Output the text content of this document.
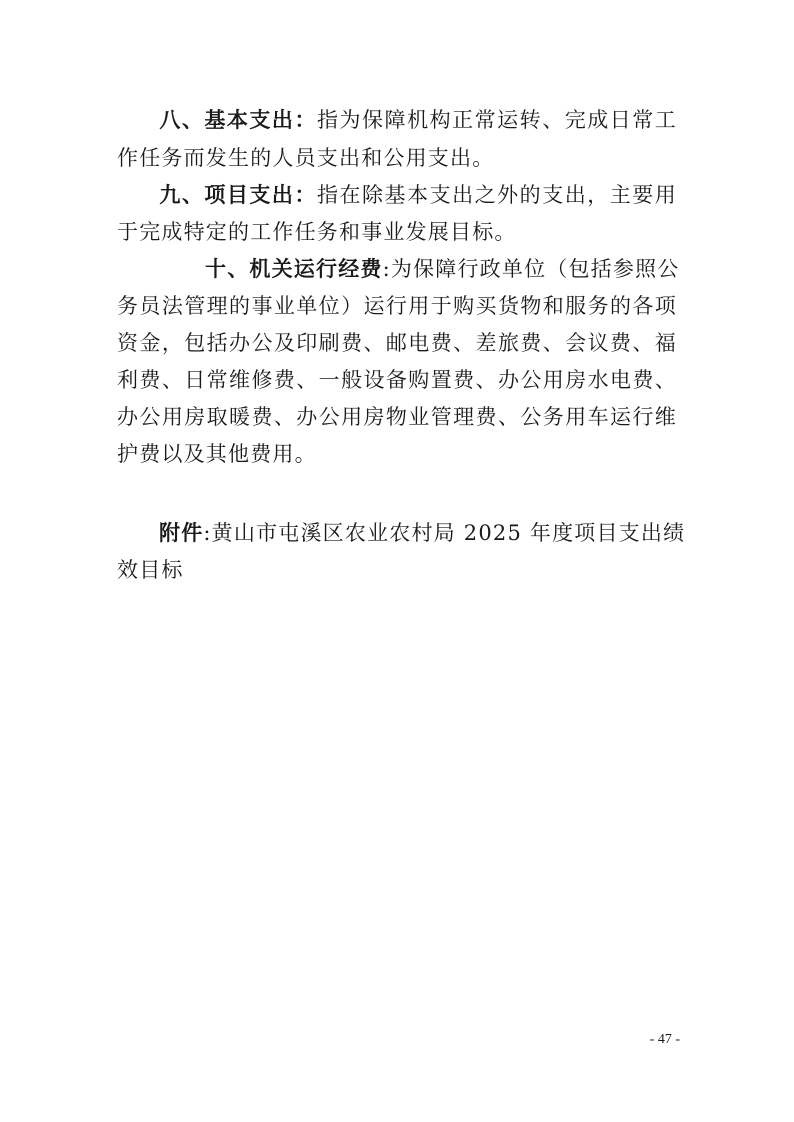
八、基本支出：指为保障机构正常运转、完成日常工
作任务而发生的人员支出和公用支出。
九、项目支出：指在除基本支出之外的支出，主要用
于完成特定的工作任务和事业发展目标。
十、机关运行经费:为保障行政单位（包括参照公
务员法管理的事业单位）运行用于购买货物和服务的各项
资金，包括办公及印刷费、邮电费、差旅费、会议费、福
利费、日常维修费、一般设备购置费、办公用房水电费、
办公用房取暖费、办公用房物业管理费、公务用车运行维
护费以及其他费用。
附件:黄山市屯溪区农业农村局 2025 年度项目支出绩
效目标
- 47 -
